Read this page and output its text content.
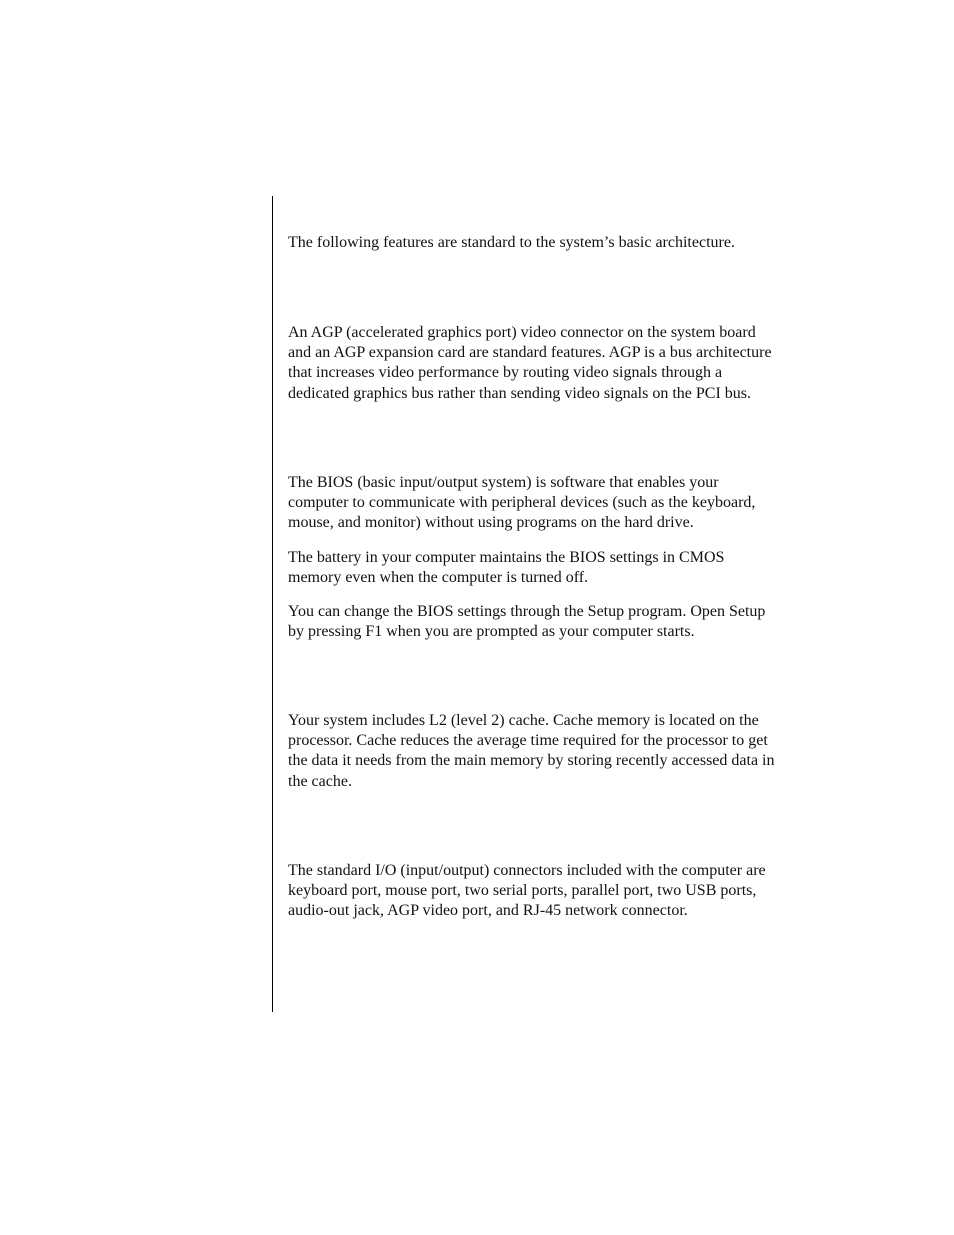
The following features are standard to the system’s basic architecture.

An AGP (accelerated graphics port) video connector on the system board
and an AGP expansion card are standard features. AGP is a bus architecture
that increases video performance by routing video signals through a
dedicated graphics bus rather than sending video signals on the PCI bus.

The BIOS (basic input/output system) is software that enables your
computer to communicate with peripheral devices (such as the keyboard,
mouse, and monitor) without using programs on the hard drive.

The battery in your computer maintains the BIOS settings in CMOS
memory even when the computer is turned off.

You can change the BIOS settings through the Setup program. Open Setup
by pressing F1 when you are prompted as your computer starts.

Your system includes L2 (level 2) cache. Cache memory is located on the
processor. Cache reduces the average time required for the processor to get
the data it needs from the main memory by storing recently accessed data in
the cache.

The standard I/O (input/output) connectors included with the computer are
keyboard port, mouse port, two serial ports, parallel port, two USB ports,
audio-out jack, AGP video port, and RJ-45 network connector.
